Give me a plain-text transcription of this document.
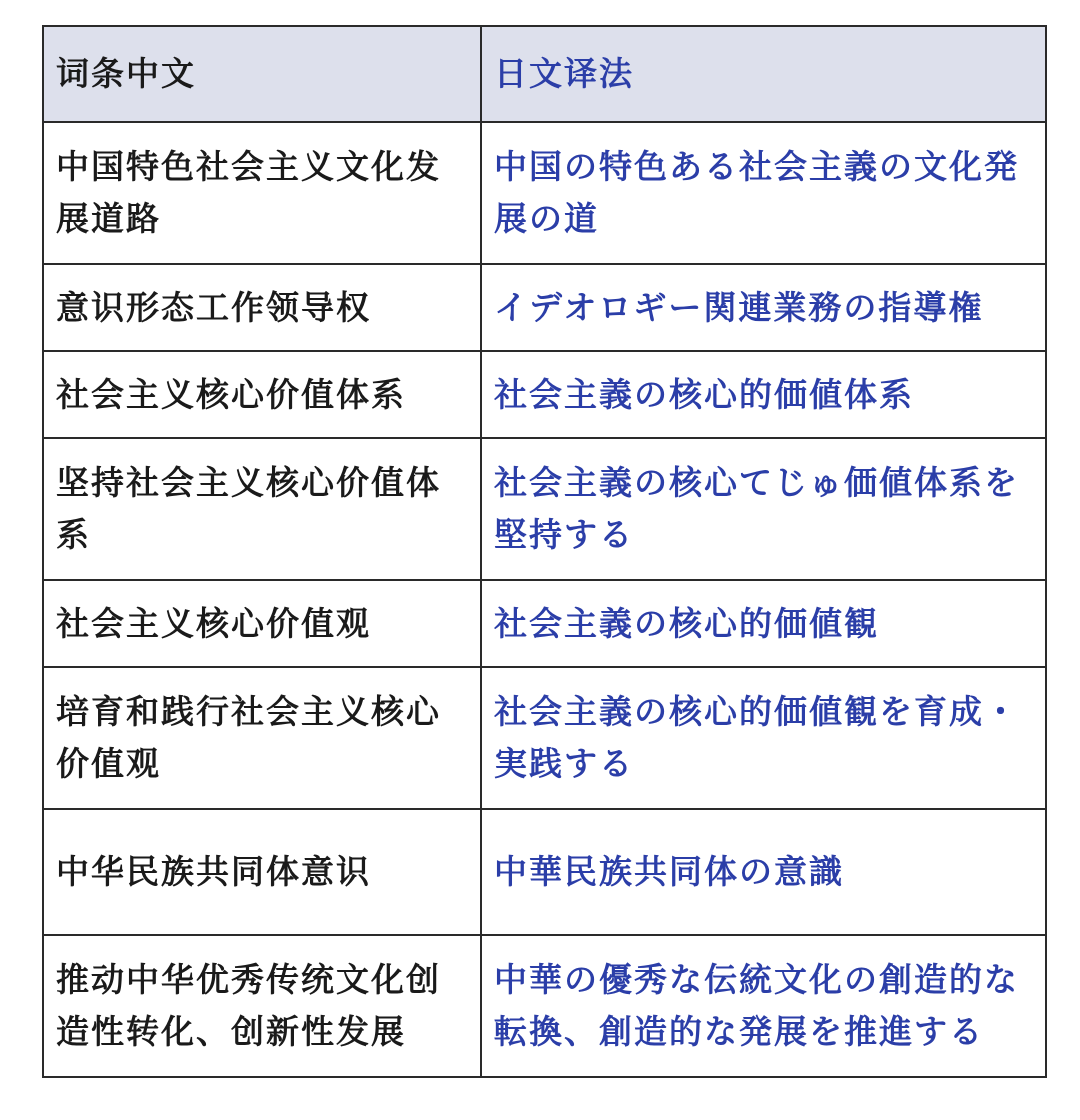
词条中文	日文译法
中国特色社会主义文化发展道路	中国の特色ある社会主義の文化発展の道
意识形态工作领导权	イデオロギー関連業務の指導権
社会主义核心价值体系	社会主義の核心的価値体系
坚持社会主义核心价值体系	社会主義の核心てじゅ価値体系を堅持する
社会主义核心价值观	社会主義の核心的価値観
培育和践行社会主义核心价值观	社会主義の核心的価値観を育成・実践する
中华民族共同体意识	中華民族共同体の意識
推动中华优秀传统文化创造性转化、创新性发展	中華の優秀な伝統文化の創造的な転換、創造的な発展を推進する
